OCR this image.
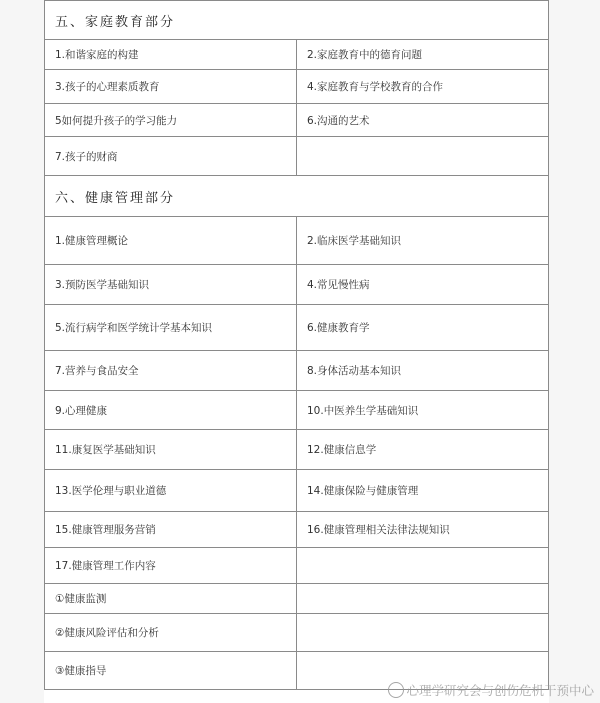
五、家庭教育部分	
1.和谐家庭的构建	2.家庭教育中的德育问题
3.孩子的心理素质教育	4.家庭教育与学校教育的合作
5如何提升孩子的学习能力	6.沟通的艺术
7.孩子的财商	
六、健康管理部分	
1.健康管理概论	2.临床医学基础知识
3.预防医学基础知识	4.常见慢性病
5.流行病学和医学统计学基本知识	6.健康教育学
7.营养与食品安全	8.身体活动基本知识
9.心理健康	10.中医养生学基础知识
11.康复医学基础知识	12.健康信息学
13.医学伦理与职业道德	14.健康保险与健康管理
15.健康管理服务营销	16.健康管理相关法律法规知识
17.健康管理工作内容	
①健康监测	
②健康风险评估和分析	
③健康指导	
心理学研究会与创伤危机干预中心
